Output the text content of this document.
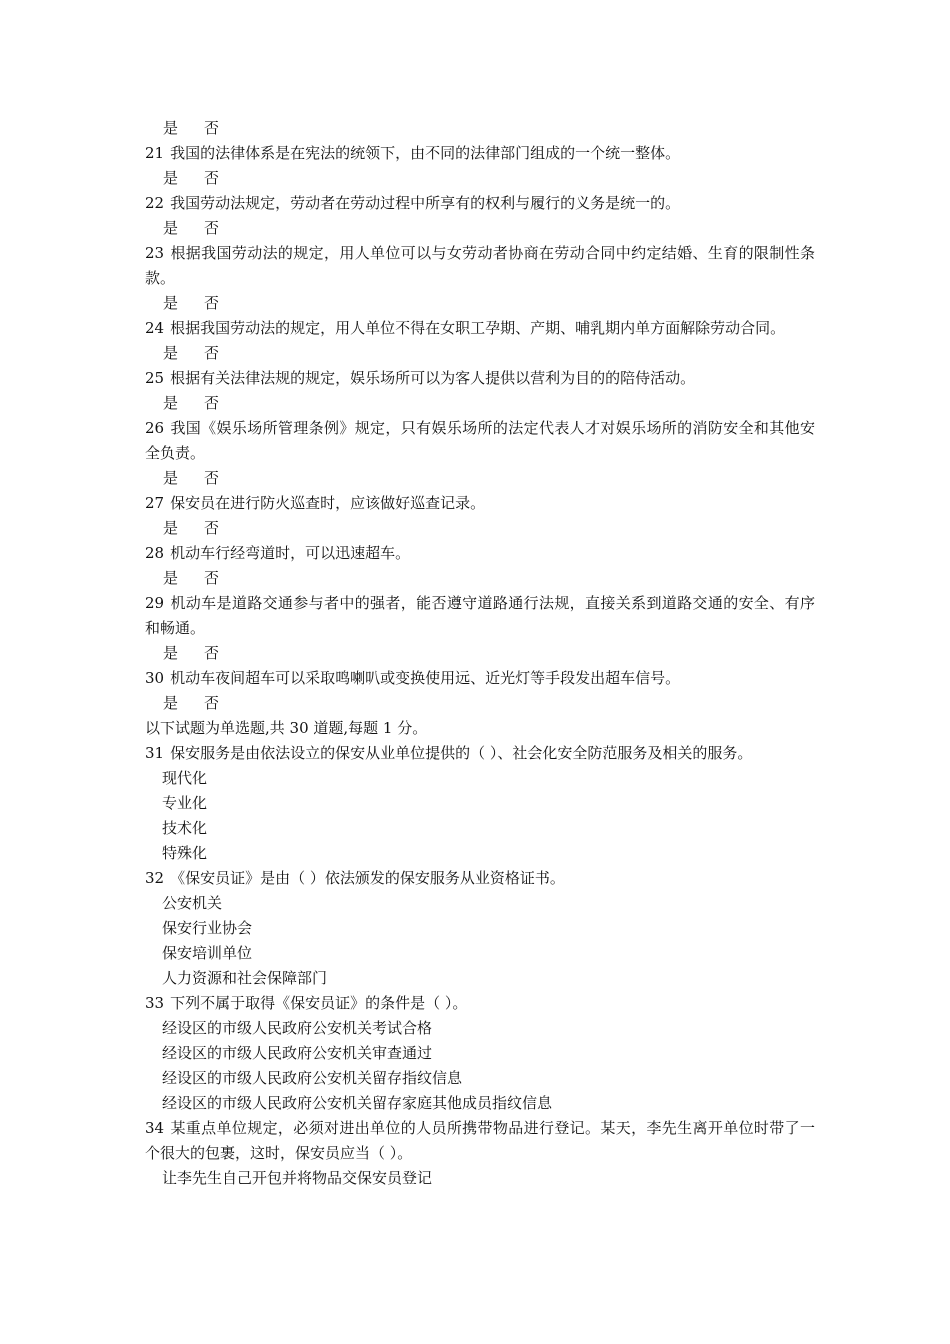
是 否
21 我国的法律体系是在宪法的统领下，由不同的法律部门组成的一个统一整体。
是 否
22 我国劳动法规定，劳动者在劳动过程中所享有的权利与履行的义务是统一的。
是 否
23 根据我国劳动法的规定，用人单位可以与女劳动者协商在劳动合同中约定结婚、生育的限制性条款。
是 否
24 根据我国劳动法的规定，用人单位不得在女职工孕期、产期、哺乳期内单方面解除劳动合同。
是 否
25 根据有关法律法规的规定，娱乐场所可以为客人提供以营利为目的的陪侍活动。
是 否
26 我国《娱乐场所管理条例》规定，只有娱乐场所的法定代表人才对娱乐场所的消防安全和其他安全负责。
是 否
27 保安员在进行防火巡查时，应该做好巡查记录。
是 否
28 机动车行经弯道时，可以迅速超车。
是 否
29 机动车是道路交通参与者中的强者，能否遵守道路通行法规，直接关系到道路交通的安全、有序和畅通。
是 否
30 机动车夜间超车可以采取鸣喇叭或变换使用远、近光灯等手段发出超车信号。
是 否
以下试题为单选题,共 30 道题,每题 1 分。
31 保安服务是由依法设立的保安从业单位提供的（ ）、社会化安全防范服务及相关的服务。
现代化
专业化
技术化
特殊化
32 《保安员证》是由（ ）依法颁发的保安服务从业资格证书。
公安机关
保安行业协会
保安培训单位
人力资源和社会保障部门
33 下列不属于取得《保安员证》的条件是（ ）。
经设区的市级人民政府公安机关考试合格
经设区的市级人民政府公安机关审查通过
经设区的市级人民政府公安机关留存指纹信息
经设区的市级人民政府公安机关留存家庭其他成员指纹信息
34 某重点单位规定，必须对进出单位的人员所携带物品进行登记。某天，李先生离开单位时带了一个很大的包裹，这时，保安员应当（ ）。
让李先生自己开包并将物品交保安员登记
